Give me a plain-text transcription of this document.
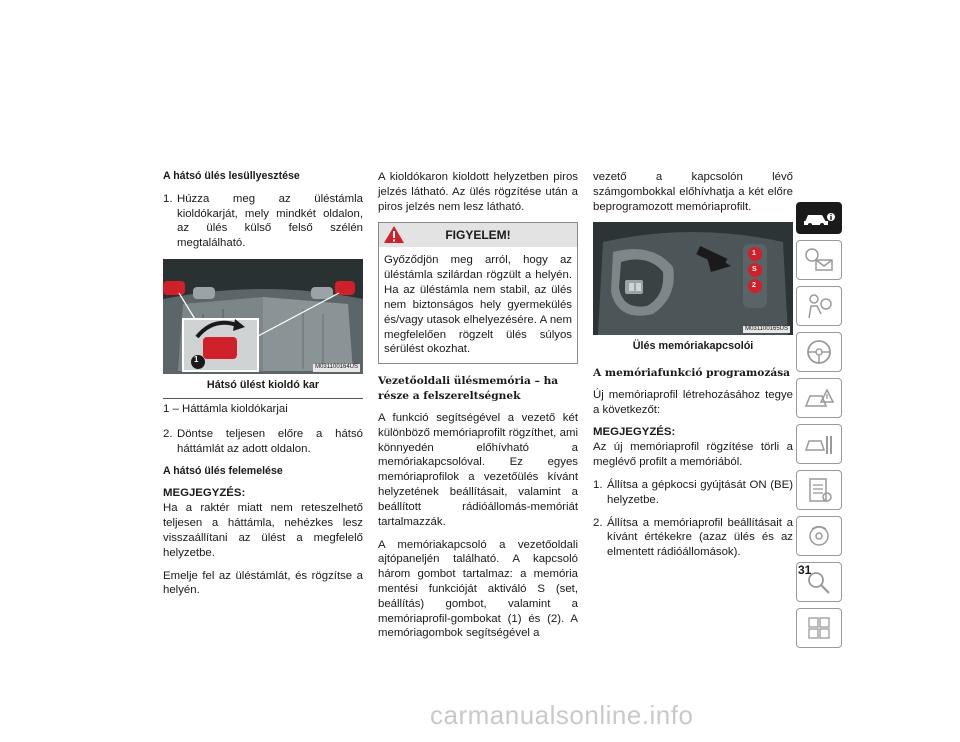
A hátsó ülés lesüllyesztése
1. Húzza meg az üléstámla kioldókarját, mely mindkét oldalon, az ülés külső felső szélén megtalálható.
1
M031100164US
Hátsó ülést kioldó kar
1 – Háttámla kioldókarjai
2. Döntse teljesen előre a hátsó háttámlát az adott oldalon.
A hátsó ülés felemelése
MEGJEGYZÉS:

Ha a raktér miatt nem reteszelhető teljesen a háttámla, nehézkes lesz visszaállítani az ülést a megfelelő helyzetbe.

Emelje fel az üléstámlát, és rögzítse a helyén.

A kioldókaron kioldott helyzetben piros jelzés látható. Az ülés rögzítése után a piros jelzés nem lesz látható.

FIGYELEM!
Győződjön meg arról, hogy az üléstámla szilárdan rögzült a helyén. Ha az üléstámla nem stabil, az ülés nem biztonságos hely gyermekülés és/vagy utasok elhelyezésére. A nem megfelelően rögzelt ülés súlyos sérülést okozhat.
Vezetőoldali ülésmemória – ha része a felszereltségnek

A funkció segítségével a vezető két különböző memóriaprofilt rögzíthet, ami könnyedén előhívható a memóriakapcsolóval. Ez egyes memóriaprofilok a vezetőülés kívánt helyzetének beállításait, valamint a beállított rádióállomás-memóriát tartalmazzák.

A memóriakapcsoló a vezetőoldali ajtópaneljén található. A kapcsoló három gombot tartalmaz: a memória mentési funkcióját aktiváló S (set, beállítás) gombot, valamint a memóriaprofil-gombokat (1) és (2). A memóriagombok segítségével a

vezető a kapcsolón lévő számgombokkal előhívhatja a két előre beprogramozott memóriaprofilt.

1
S
2
M031100165US
Ülés memóriakapcsolói
A memóriafunkció programozása

Új memóriaprofil létrehozásához tegye a következőt:

MEGJEGYZÉS:

Az új memóriaprofil rögzítése törli a meglévő profilt a memóriából.

1. Állítsa a gépkocsi gyújtását ON (BE) helyzetbe.
2. Állítsa a memóriaprofil beállításait a kívánt értékekre (azaz ülés és az elmentett rádióállomások).
31
carmanualsonline.info
